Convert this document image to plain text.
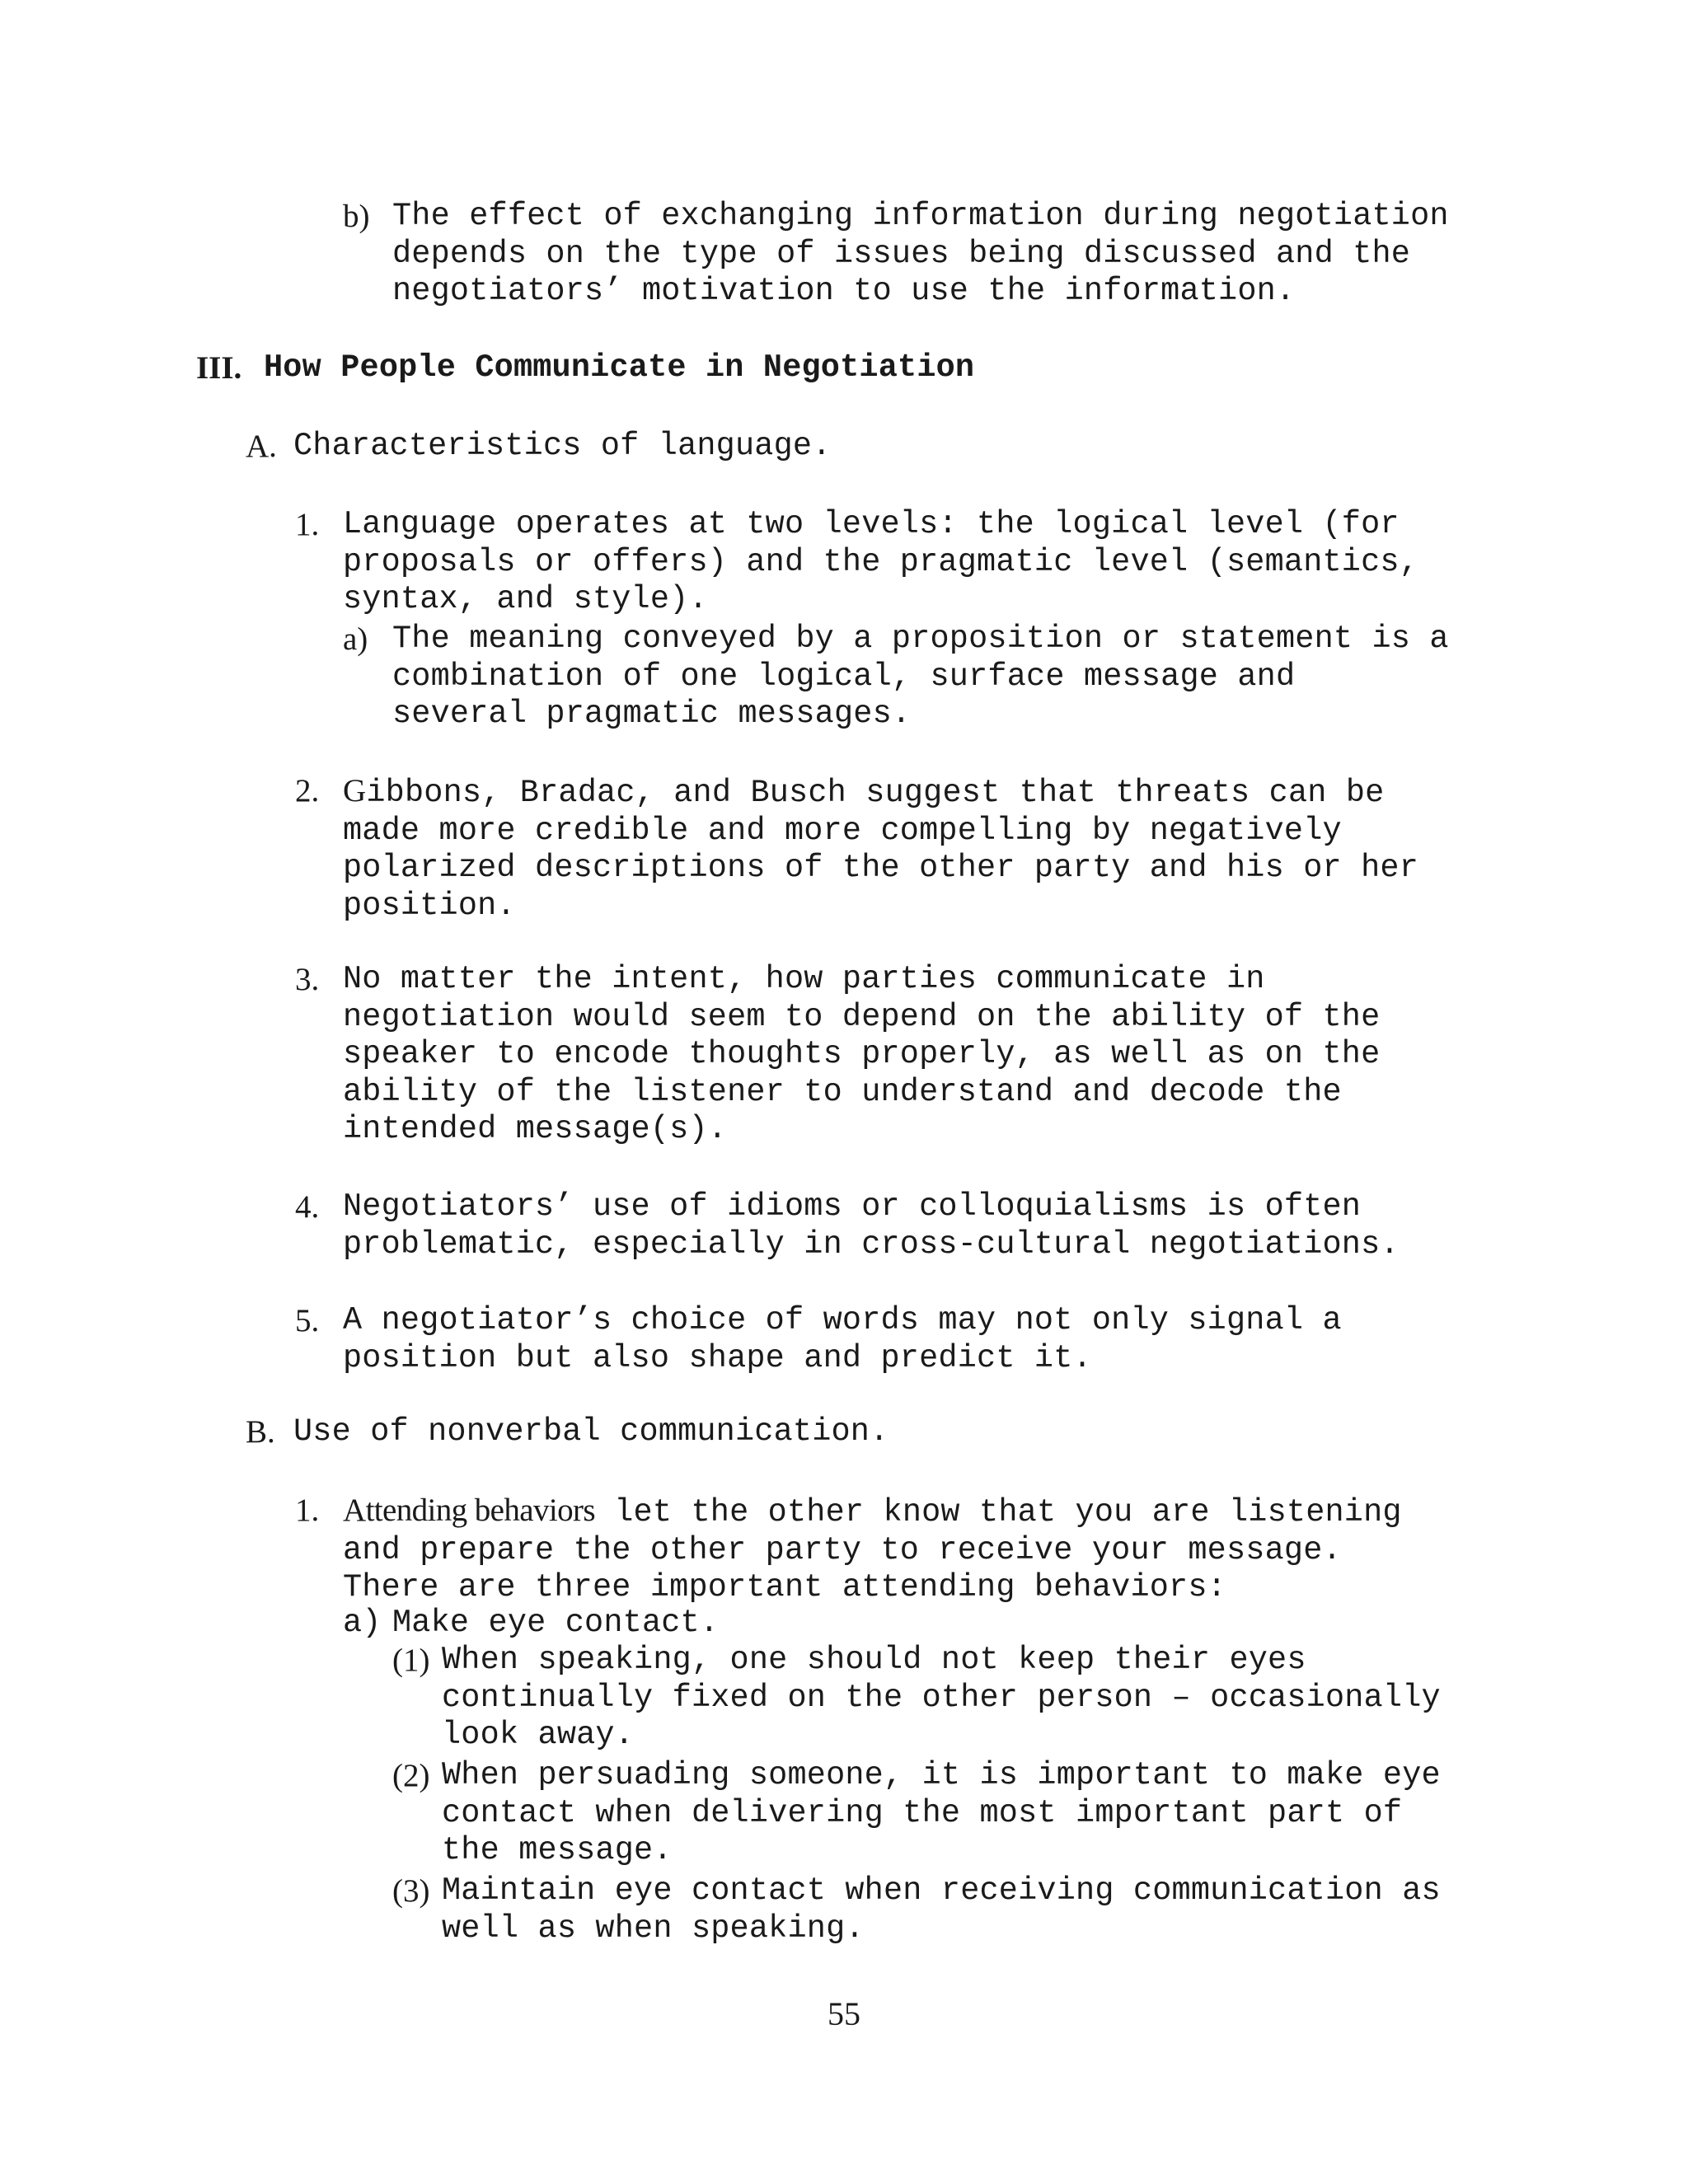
b) The effect of exchanging information during negotiation
depends on the type of issues being discussed and the
negotiators’ motivation to use the information.
III. How People Communicate in Negotiation
A. Characteristics of language.
1. Language operates at two levels: the logical level (for
proposals or offers) and the pragmatic level (semantics,
syntax, and style).
a) The meaning conveyed by a proposition or statement is a
combination of one logical, surface message and
several pragmatic messages.
2. Gibbons, Bradac, and Busch suggest that threats can be
made more credible and more compelling by negatively
polarized descriptions of the other party and his or her
position.
3. No matter the intent, how parties communicate in
negotiation would seem to depend on the ability of the
speaker to encode thoughts properly, as well as on the
ability of the listener to understand and decode the
intended message(s).
4. Negotiators’ use of idioms or colloquialisms is often
problematic, especially in cross-cultural negotiations.
5. A negotiator’s choice of words may not only signal a
position but also shape and predict it.
B. Use of nonverbal communication.
1. Attending behaviors let the other know that you are listening
and prepare the other party to receive your message.
There are three important attending behaviors:
a) Make eye contact.
(1) When speaking, one should not keep their eyes
continually fixed on the other person – occasionally
look away.
(2) When persuading someone, it is important to make eye
contact when delivering the most important part of
the message.
(3) Maintain eye contact when receiving communication as
well as when speaking.
55
